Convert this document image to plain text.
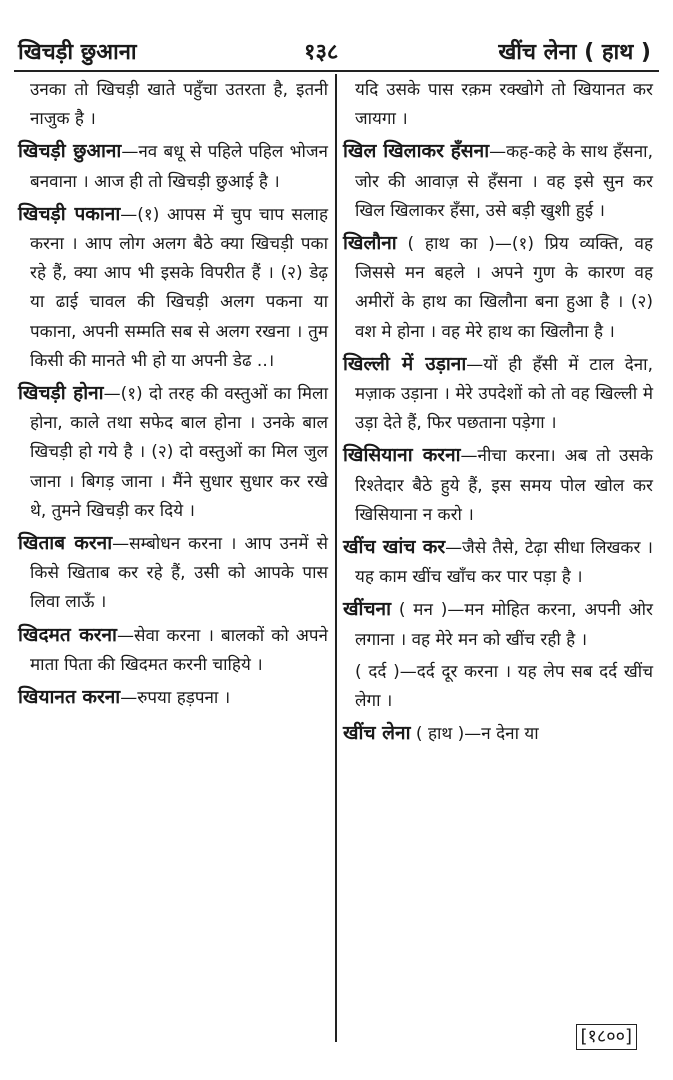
खिचड़ी छुआना	१३८	खींच लेना ( हाथ )

उनका तो खिचड़ी खाते पहुँचा उतरता है, इतनी नाजुक है ।

खिचड़ी छुआना—नव बधू से पहिले पहिल भोजन बनवाना । आज ही तो खिचड़ी छुआई है ।

खिचड़ी पकाना—(१) आपस में चुप चाप सलाह करना । आप लोग अलग बैठे क्या खिचड़ी पका रहे हैं, क्या आप भी इसके विपरीत हैं । (२) डेढ़ या ढाई चावल की खिचड़ी अलग पकना या पकाना, अपनी सम्मति सब से अलग रखना । तुम किसी की मानते भी हो या अपनी डेढ ..।

खिचड़ी होना—(१) दो तरह की वस्तुओं का मिला होना, काले तथा सफेद बाल होना । उनके बाल खिचड़ी हो गये है । (२) दो वस्तुओं का मिल जुल जाना । बिगड़ जाना । मैंने सुधार सुधार कर रखे थे, तुमने खिचड़ी कर दिये ।

खिताब करना—सम्बोधन करना । आप उनमें से किसे खिताब कर रहे हैं, उसी को आपके पास लिवा लाऊँ ।

खिदमत करना—सेवा करना । बालकों को अपने माता पिता की खिदमत करनी चाहिये ।

खियानत करना—रुपया हड़पना ।

यदि उसके पास रक़म रक्खोगे तो खियानत कर जायगा ।

खिल खिलाकर हँसना—कह-कहे के साथ हँसना, जोर की आवाज़ से हँसना । वह इसे सुन कर खिल खिलाकर हँसा, उसे बड़ी खुशी हुई ।

खिलौना ( हाथ का )—(१) प्रिय व्यक्ति, वह जिससे मन बहले । अपने गुण के कारण वह अमीरों के हाथ का खिलौना बना हुआ है । (२) वश मे होना । वह मेरे हाथ का खिलौना है ।

खिल्ली में उड़ाना—यों ही हँसी में टाल देना, मज़ाक उड़ाना । मेरे उपदेशों को तो वह खिल्ली मे उड़ा देते हैं, फिर पछताना पड़ेगा ।

खिसियाना करना—नीचा करना। अब तो उसके रिश्तेदार बैठे हुये हैं, इस समय पोल खोल कर खिसियाना न करो ।

खींच खांच कर—जैसे तैसे, टेढ़ा सीधा लिखकर । यह काम खींच खाँच कर पार पड़ा है ।

खींचना ( मन )—मन मोहित करना, अपनी ओर लगाना । वह मेरे मन को खींच रही है ।

( दर्द )—दर्द दूर करना । यह लेप सब दर्द खींच लेगा ।

खींच लेना ( हाथ )—न देना या

[१८००]
